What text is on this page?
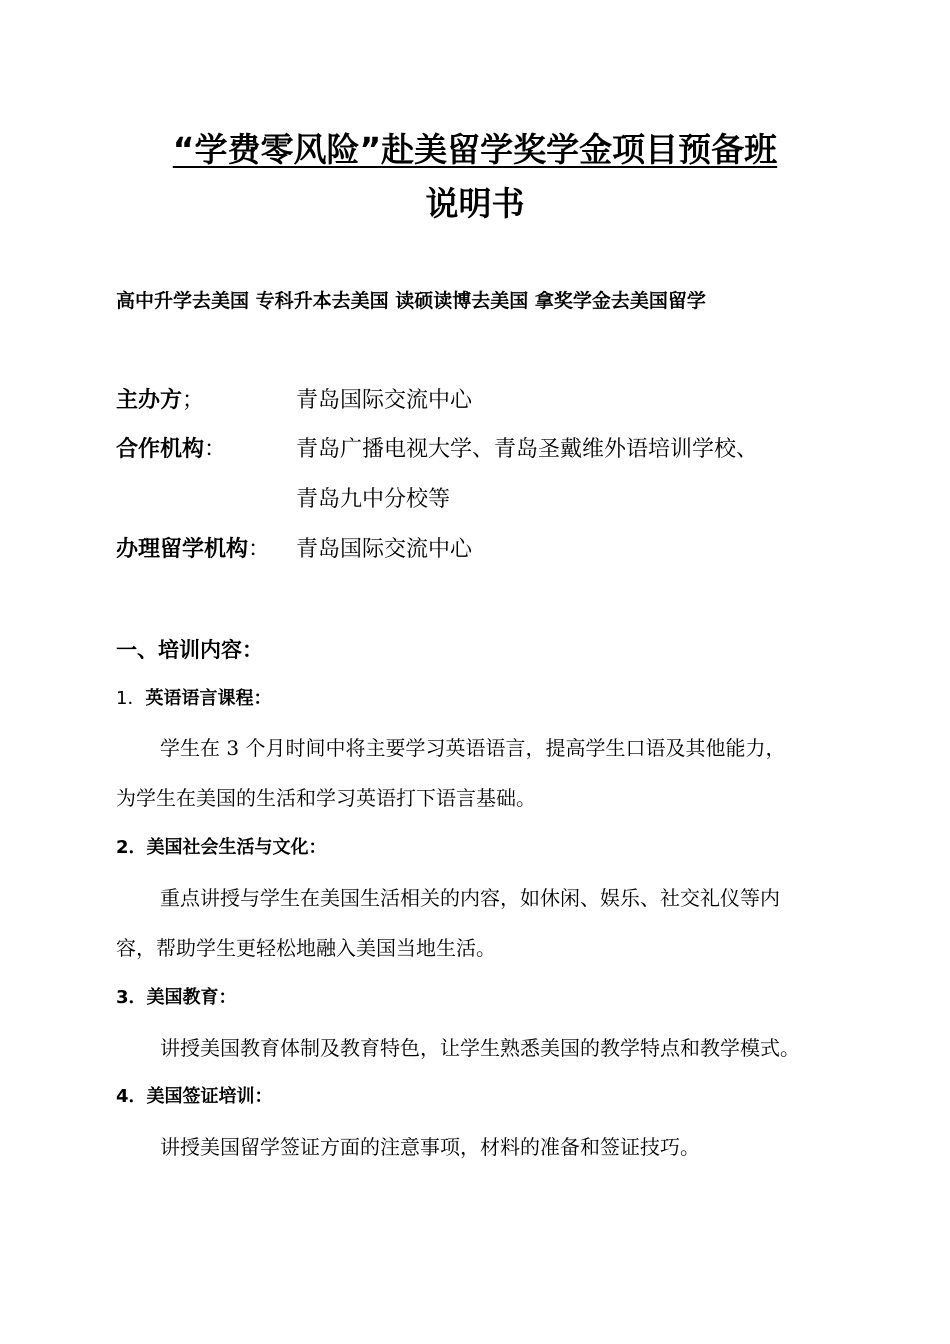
“学费零风险”赴美留学奖学金项目预备班
说明书
高中升学去美国 专科升本去美国 读硕读博去美国 拿奖学金去美国留学
主办方；	青岛国际交流中心
合作机构：	青岛广播电视大学、青岛圣戴维外语培训学校、
青岛九中分校等
办理留学机构： 青岛国际交流中心
一、培训内容：
1．英语语言课程：
学生在 3 个月时间中将主要学习英语语言，提高学生口语及其他能力，
为学生在美国的生活和学习英语打下语言基础。
2．美国社会生活与文化：
重点讲授与学生在美国生活相关的内容，如休闲、娱乐、社交礼仪等内
容，帮助学生更轻松地融入美国当地生活。
3．美国教育：
讲授美国教育体制及教育特色，让学生熟悉美国的教学特点和教学模式。
4．美国签证培训：
讲授美国留学签证方面的注意事项，材料的准备和签证技巧。
